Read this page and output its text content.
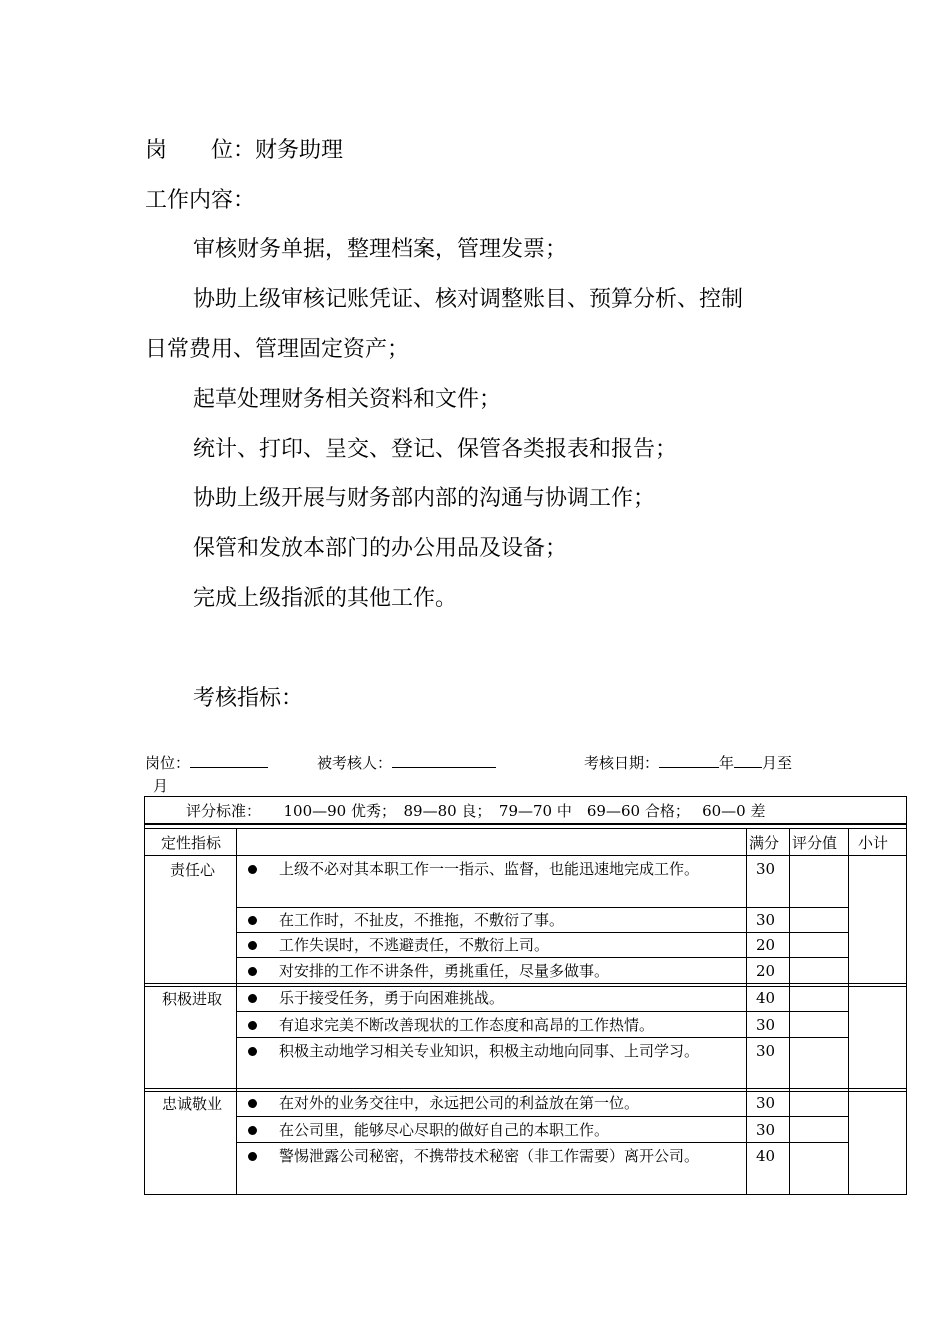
岗　　位：财务助理
工作内容：
审核财务单据，整理档案，管理发票；
协助上级审核记账凭证、核对调整账目、预算分析、控制
日常费用、管理固定资产；
起草处理财务相关资料和文件；
统计、打印、呈交、登记、保管各类报表和报告；
协助上级开展与财务部内部的沟通与协调工作；
保管和发放本部门的办公用品及设备；
完成上级指派的其他工作。
考核指标：
岗位：	被考核人：	考核日期：	年 月至
月
评分标准：　　100—90 优秀；　89—80 良；　79—70 中　69—60 合格；　 60—0 差
定性指标	满分 评分值 小计
责任心	上级不必对其本职工作一一指示、监督，也能迅速地完成工作。	30
在工作时，不扯皮，不推拖，不敷衍了事。	30
工作失误时，不逃避责任，不敷衍上司。	20
对安排的工作不讲条件，勇挑重任，尽量多做事。	20
积极进取	乐于接受任务，勇于向困难挑战。	40
有追求完美不断改善现状的工作态度和高昂的工作热情。	30
积极主动地学习相关专业知识，积极主动地向同事、上司学习。	30
忠诚敬业	在对外的业务交往中，永远把公司的利益放在第一位。	30
在公司里，能够尽心尽职的做好自己的本职工作。	30
警惕泄露公司秘密，不携带技术秘密（非工作需要）离开公司。	40
